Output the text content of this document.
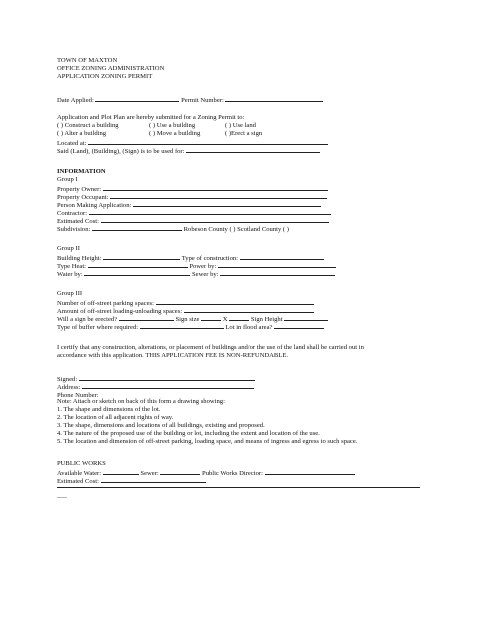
TOWN OF MAXTON
OFFICE ZONING ADMINISTRATION
APPLICATION ZONING PERMIT
Date Applied:	Permit Number:
Application and Plot Plan are hereby submitted for a Zoning Permit to:
( ) Construct a building	( ) Use a building	( ) Use land
( ) Alter a building	( ) Move a building	( )Erect a sign
Located at:
Said (Land), (Building), (Sign) is to be used for:
INFORMATION
Group I
Property Owner:
Property Occupant:
Person Making Application:
Contractor:
Estimated Cost:
Subdivision:	Robeson County ( ) Scotland County ( )
Group II
Building Height:	Type of construction:
Type Heat:	Power by:
Water by:	Sewer by:
Group III
Number of off-street parking spaces:
Amount of off-street loading-unloading spaces:
Will a sign be erected?	Sign size	X	Sign Height
Type of buffer where required:	Lot in flood area?
I certify that any construction, alterations, or placement of buildings and/or the use of the land shall be carried out in
accordance with this application. THIS APPLICATION FEE IS NON-REFUNDABLE.
Signed:
Address:
Phone Number:
Note: Attach or sketch on back of this form a drawing showing:
1. The shape and dimensions of the lot.
2. The location of all adjacent rights of way.
3. The shape, dimensions and locations of all buildings, existing and proposed.
4. The nature of the proposed use of the building or lot, including the extent and location of the use.
5. The location and dimension of off-street parking, loading space, and means of ingress and egress to such space.
PUBLIC WORKS
Available Water:	Sewer:	Public Works Director:
Estimated Cost:
___
